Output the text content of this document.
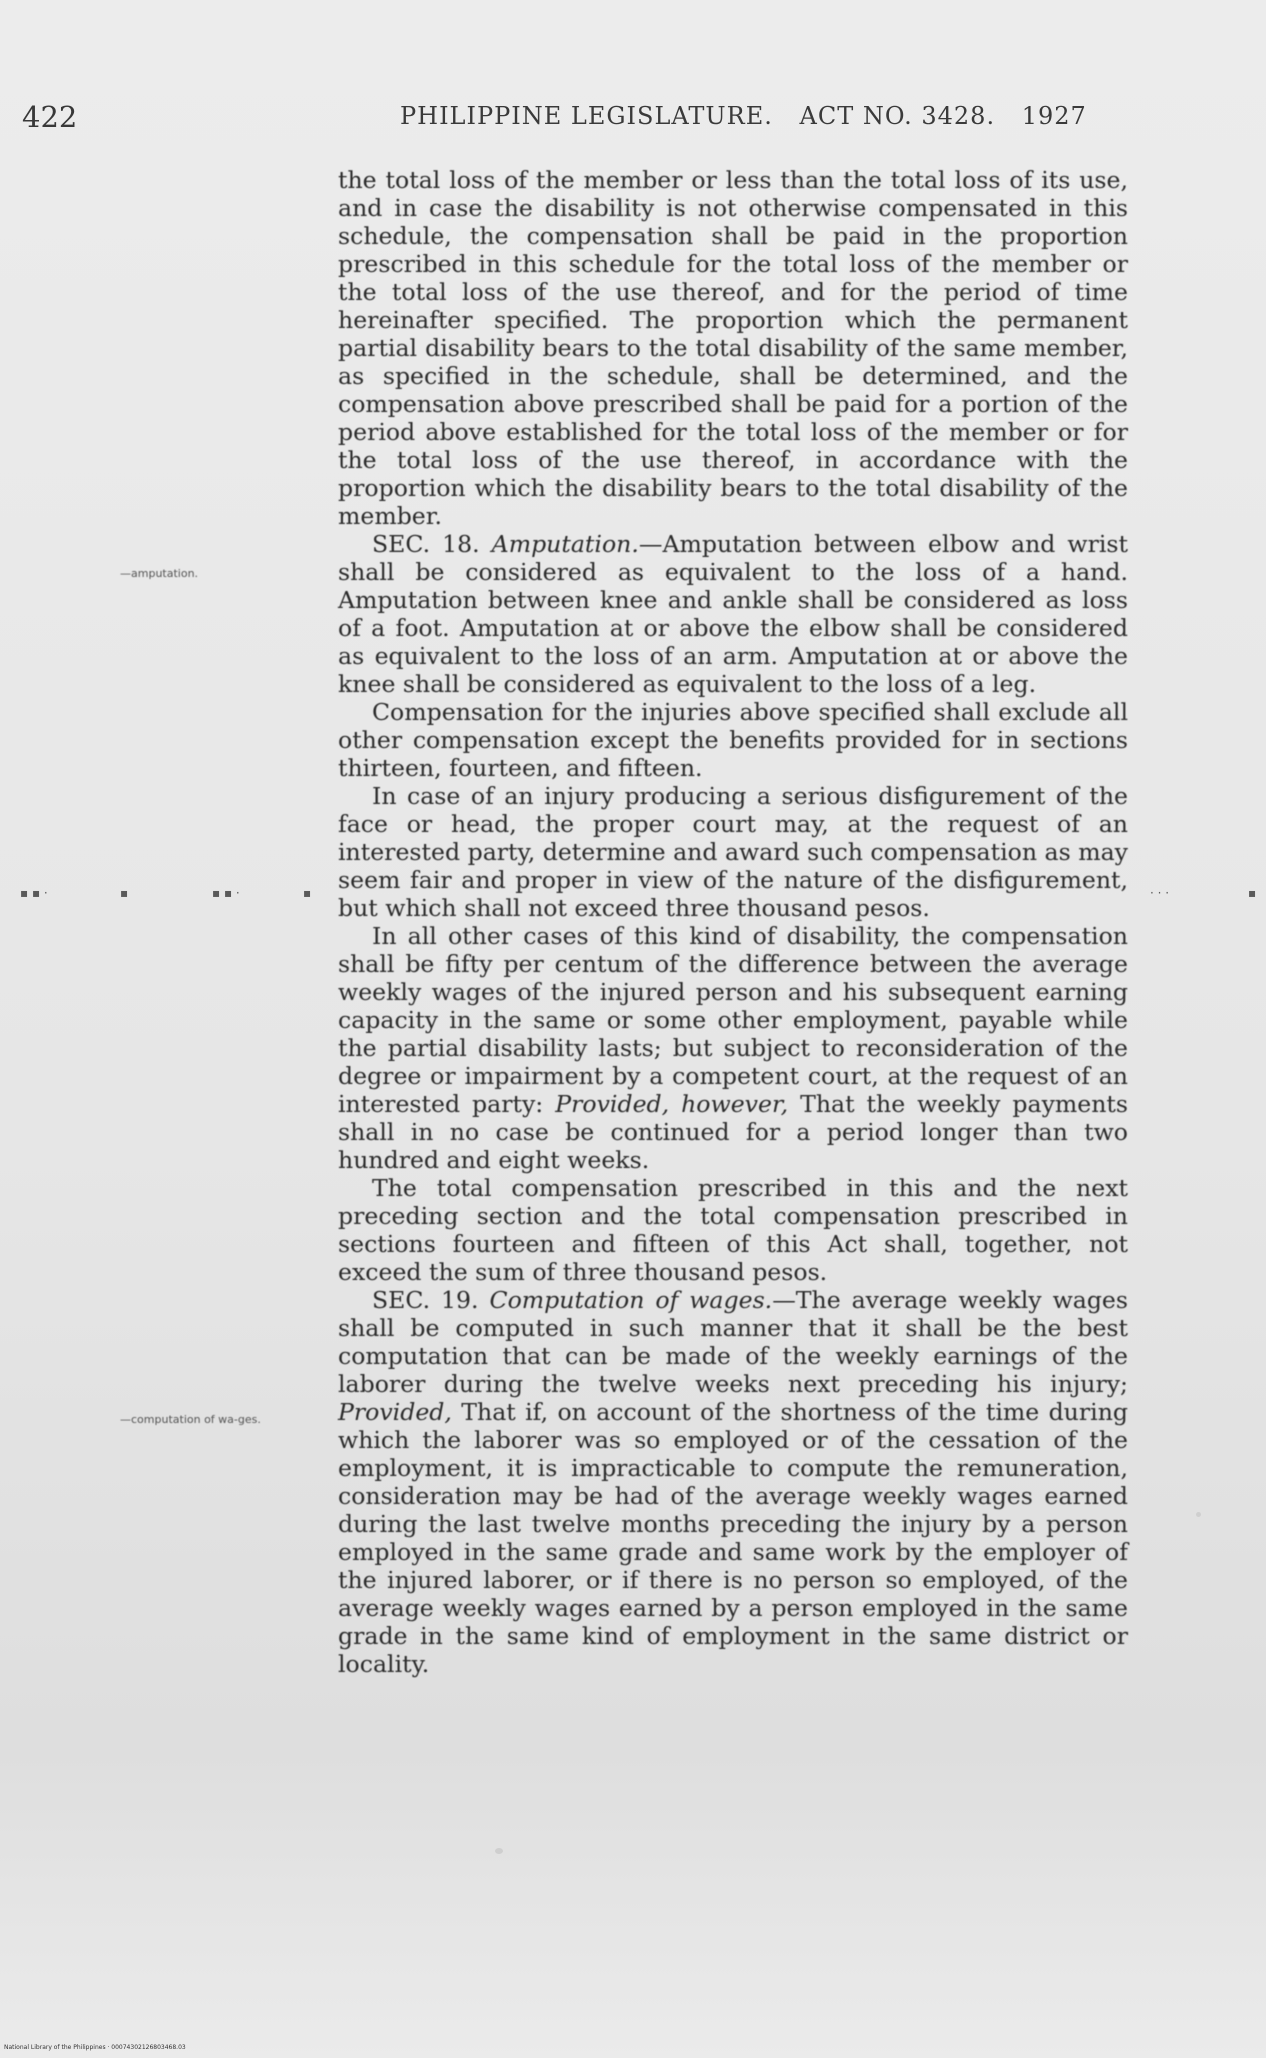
422	PHILIPPINE LEGISLATURE. ACT NO. 3428. 1927
—amputation.
—computation of wa-ges.
▪ ▪ ·	▪	▪ ▪ ·	▪	· · ·	▪

the total loss of the member or less than the total loss of its use, and in case the disability is not otherwise compensated in this schedule, the compensation shall be paid in the proportion prescribed in this schedule for the total loss of the member or the total loss of the use thereof, and for the period of time hereinafter specified. The proportion which the permanent partial disability bears to the total disability of the same member, as specified in the schedule, shall be determined, and the compensation above prescribed shall be paid for a portion of the period above established for the total loss of the member or for the total loss of the use thereof, in accordance with the proportion which the disability bears to the total disability of the member.

SEC. 18. Amputation.—Amputation between elbow and wrist shall be considered as equivalent to the loss of a hand. Amputation between knee and ankle shall be considered as loss of a foot. Amputation at or above the elbow shall be considered as equivalent to the loss of an arm. Amputation at or above the knee shall be considered as equivalent to the loss of a leg.

Compensation for the injuries above specified shall exclude all other compensation except the benefits provided for in sections thirteen, fourteen, and fifteen.

In case of an injury producing a serious disfigurement of the face or head, the proper court may, at the request of an interested party, determine and award such compensation as may seem fair and proper in view of the nature of the disfigurement, but which shall not exceed three thousand pesos.

In all other cases of this kind of disability, the compensation shall be fifty per centum of the difference between the average weekly wages of the injured person and his subsequent earning capacity in the same or some other employment, payable while the partial disability lasts; but subject to reconsideration of the degree or impairment by a competent court, at the request of an interested party: Provided, however, That the weekly payments shall in no case be continued for a period longer than two hundred and eight weeks.

The total compensation prescribed in this and the next preceding section and the total compensation prescribed in sections fourteen and fifteen of this Act shall, together, not exceed the sum of three thousand pesos.

SEC. 19. Computation of wages.—The average weekly wages shall be computed in such manner that it shall be the best computation that can be made of the weekly earnings of the laborer during the twelve weeks next preceding his injury; Provided, That if, on account of the shortness of the time during which the laborer was so employed or of the cessation of the employment, it is impracticable to compute the remuneration, consideration may be had of the average weekly wages earned during the last twelve months preceding the injury by a person employed in the same grade and same work by the employer of the injured laborer, or if there is no person so employed, of the average weekly wages earned by a person employed in the same grade in the same kind of employment in the same district or locality.

National Library of the Philippines · 00074302126803468.03
